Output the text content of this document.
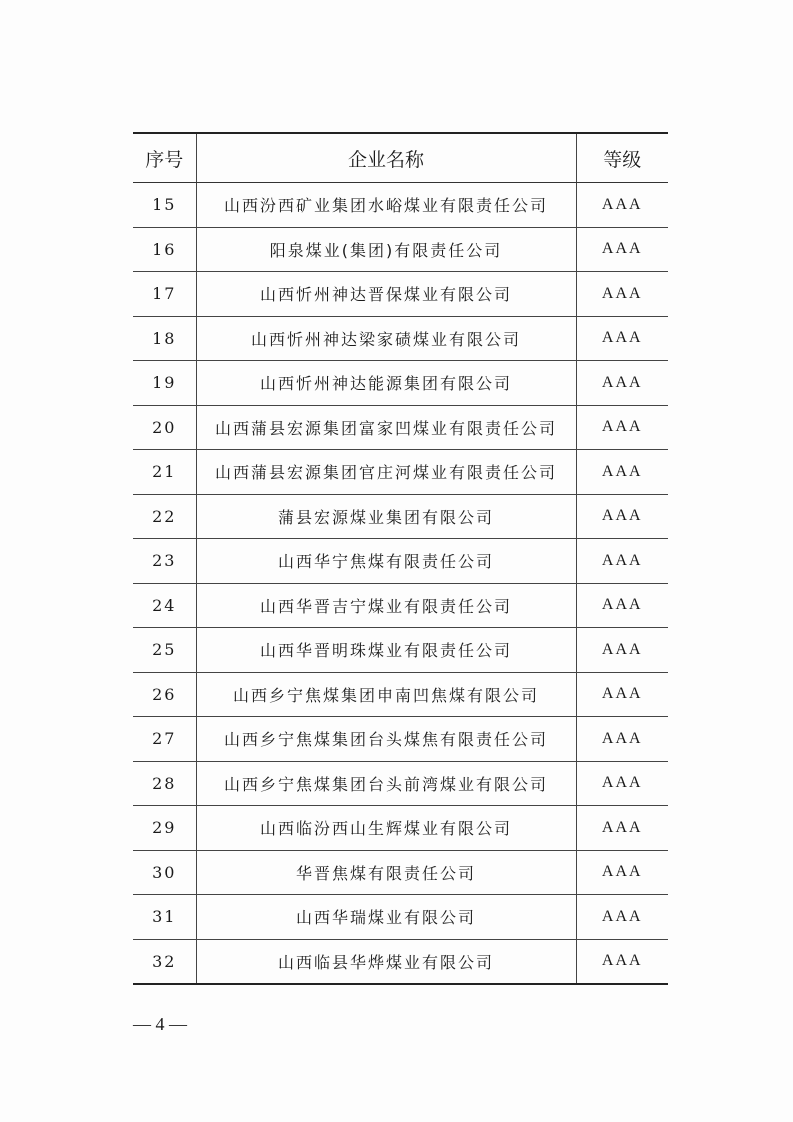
序号	企业名称	等级
15	山西汾西矿业集团水峪煤业有限责任公司	AAA
16	阳泉煤业(集团)有限责任公司	AAA
17	山西忻州神达晋保煤业有限公司	AAA
18	山西忻州神达梁家碛煤业有限公司	AAA
19	山西忻州神达能源集团有限公司	AAA
20	山西蒲县宏源集团富家凹煤业有限责任公司	AAA
21	山西蒲县宏源集团官庄河煤业有限责任公司	AAA
22	蒲县宏源煤业集团有限公司	AAA
23	山西华宁焦煤有限责任公司	AAA
24	山西华晋吉宁煤业有限责任公司	AAA
25	山西华晋明珠煤业有限责任公司	AAA
26	山西乡宁焦煤集团申南凹焦煤有限公司	AAA
27	山西乡宁焦煤集团台头煤焦有限责任公司	AAA
28	山西乡宁焦煤集团台头前湾煤业有限公司	AAA
29	山西临汾西山生辉煤业有限公司	AAA
30	华晋焦煤有限责任公司	AAA
31	山西华瑞煤业有限公司	AAA
32	山西临县华烨煤业有限公司	AAA
— 4 —
